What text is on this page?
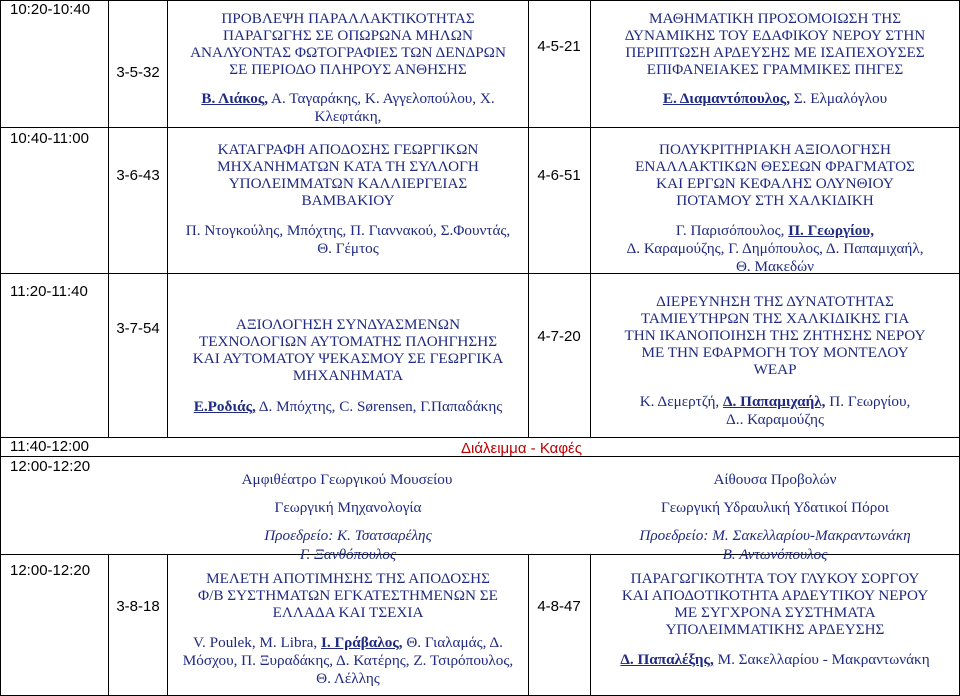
10:20-10:40
3-5-32
ΠΡΟΒΛΕΨΗ ΠΑΡΑΛΛΑΚΤΙΚΟΤΗΤΑΣ
ΠΑΡΑΓΩΓΗΣ ΣΕ ΟΠΩΡΩΝΑ ΜΗΛΩΝ
ΑΝΑΛΥΟΝΤΑΣ ΦΩΤΟΓΡΑΦΙΕΣ ΤΩΝ ΔΕΝΔΡΩΝ
ΣΕ ΠΕΡΙΟΔΟ ΠΛΗΡΟΥΣ ΑΝΘΗΣΗΣ
Β. Λιάκος, Α. Ταγαράκης, Κ. Αγγελοπούλου, Χ.
Κλεφτάκη,
4-5-21
ΜΑΘΗΜΑΤΙΚΗ ΠΡΟΣΟΜΟΙΩΣΗ ΤΗΣ
ΔΥΝΑΜΙΚΗΣ ΤΟΥ ΕΔΑΦΙΚΟΥ ΝΕΡΟΥ ΣΤΗΝ
ΠΕΡΙΠΤΩΣΗ ΑΡΔΕΥΣΗΣ ΜΕ ΙΣΑΠΕΧΟΥΣΕΣ
ΕΠΙΦΑΝΕΙΑΚΕΣ ΓΡΑΜΜΙΚΕΣ ΠΗΓΕΣ
Ε. Διαμαντόπουλος, Σ. Ελμαλόγλου
10:40-11:00
3-6-43
ΚΑΤΑΓΡΑΦΗ ΑΠΟΔΟΣΗΣ ΓΕΩΡΓΙΚΩΝ
ΜΗΧΑΝΗΜΑΤΩΝ ΚΑΤΑ ΤΗ ΣΥΛΛΟΓΗ
ΥΠΟΛΕΙΜΜΑΤΩΝ ΚΑΛΛΙΕΡΓΕΙΑΣ
ΒΑΜΒΑΚΙΟΥ
Π. Ντογκούλης, Μπόχτης, Π. Γιαννακού, Σ.Φουντάς,
Θ. Γέμτος
4-6-51
ΠΟΛΥΚΡΙΤΗΡΙΑΚΗ ΑΞΙΟΛΟΓΗΣΗ
ΕΝΑΛΛΑΚΤΙΚΩΝ ΘΕΣΕΩΝ ΦΡΑΓΜΑΤΟΣ
ΚΑΙ ΕΡΓΩΝ ΚΕΦΑΛΗΣ ΟΛΥΝΘΙΟΥ
ΠΟΤΑΜΟΥ ΣΤΗ ΧΑΛΚΙΔΙΚΗ
Γ. Παρισόπουλος, Π. Γεωργίου,
Δ. Καραμούζης, Γ. Δημόπουλος, Δ. Παπαμιχαήλ,
Θ. Μακεδών
11:20-11:40
3-7-54	ΑΞΙΟΛΟΓΗΣΗ ΣΥΝΔΥΑΣΜΕΝΩΝ
ΤΕΧΝΟΛΟΓΙΩΝ ΑΥΤΟΜΑΤΗΣ ΠΛΟΗΓΗΣΗΣ
ΚΑΙ ΑΥΤΟΜΑΤΟΥ ΨΕΚΑΣΜΟΥ ΣΕ ΓΕΩΡΓΙΚΑ
ΜΗΧΑΝΗΜΑΤΑ
Ε.Ροδιάς, Δ. Μπόχτης, C. Sørensen, Γ.Παπαδάκης
4-7-20
ΔΙΕΡΕΥΝΗΣΗ ΤΗΣ ΔΥΝΑΤΟΤΗΤΑΣ
ΤΑΜΙΕΥΤΗΡΩΝ ΤΗΣ ΧΑΛΚΙΔΙΚΗΣ ΓΙΑ
ΤΗΝ ΙΚΑΝΟΠΟΙΗΣΗ ΤΗΣ ΖΗΤΗΣΗΣ ΝΕΡΟΥ
ΜΕ ΤΗΝ ΕΦΑΡΜΟΓΗ ΤΟΥ ΜΟΝΤΕΛΟΥ
WEAP
Κ. Δεμερτζή, Δ. Παπαμιχαήλ, Π. Γεωργίου,
Δ.. Καραμούζης
11:40-12:00	Διάλειμμα - Καφές
12:00-12:20
Αμφιθέατρο Γεωργικού Μουσείου
Γεωργική Μηχανολογία
Προεδρείο: Κ. Τσατσαρέλης
Γ. Ξανθόπουλος
Αίθουσα Προβολών
Γεωργική Υδραυλική Υδατικοί Πόροι
Προεδρείο: Μ. Σακελλαρίου-Μακραντωνάκη
Β. Αντωνόπουλος
12:00-12:20
3-8-18
ΜΕΛΕΤΗ ΑΠΟΤΙΜΗΣΗΣ ΤΗΣ ΑΠΟΔΟΣΗΣ
Φ/Β ΣΥΣΤΗΜΑΤΩΝ ΕΓΚΑΤΕΣΤΗΜΕΝΩΝ ΣΕ
ΕΛΛΑΔΑ ΚΑΙ ΤΣΕΧΙΑ
V. Poulek, M. Libra, Ι. Γράβαλος, Θ. Γιαλαμάς, Δ.
Μόσχου, Π. Ξυραδάκης, Δ. Κατέρης, Ζ. Τσιρόπουλος,
Θ. Λέλλης
4-8-47
ΠΑΡΑΓΩΓΙΚΟΤΗΤΑ ΤΟΥ ΓΛΥΚΟΥ ΣΟΡΓΟΥ
ΚΑΙ ΑΠΟΔΟΤΙΚΟΤΗΤΑ ΑΡΔΕΥΤΙΚΟΥ ΝΕΡΟΥ
ΜΕ ΣΥΓΧΡΟΝΑ ΣΥΣΤΗΜΑΤΑ
ΥΠΟΛΕΙΜΜΑΤΙΚΗΣ ΑΡΔΕΥΣΗΣ
Δ. Παπαλέξης, Μ. Σακελλαρίου - Μακραντωνάκη
